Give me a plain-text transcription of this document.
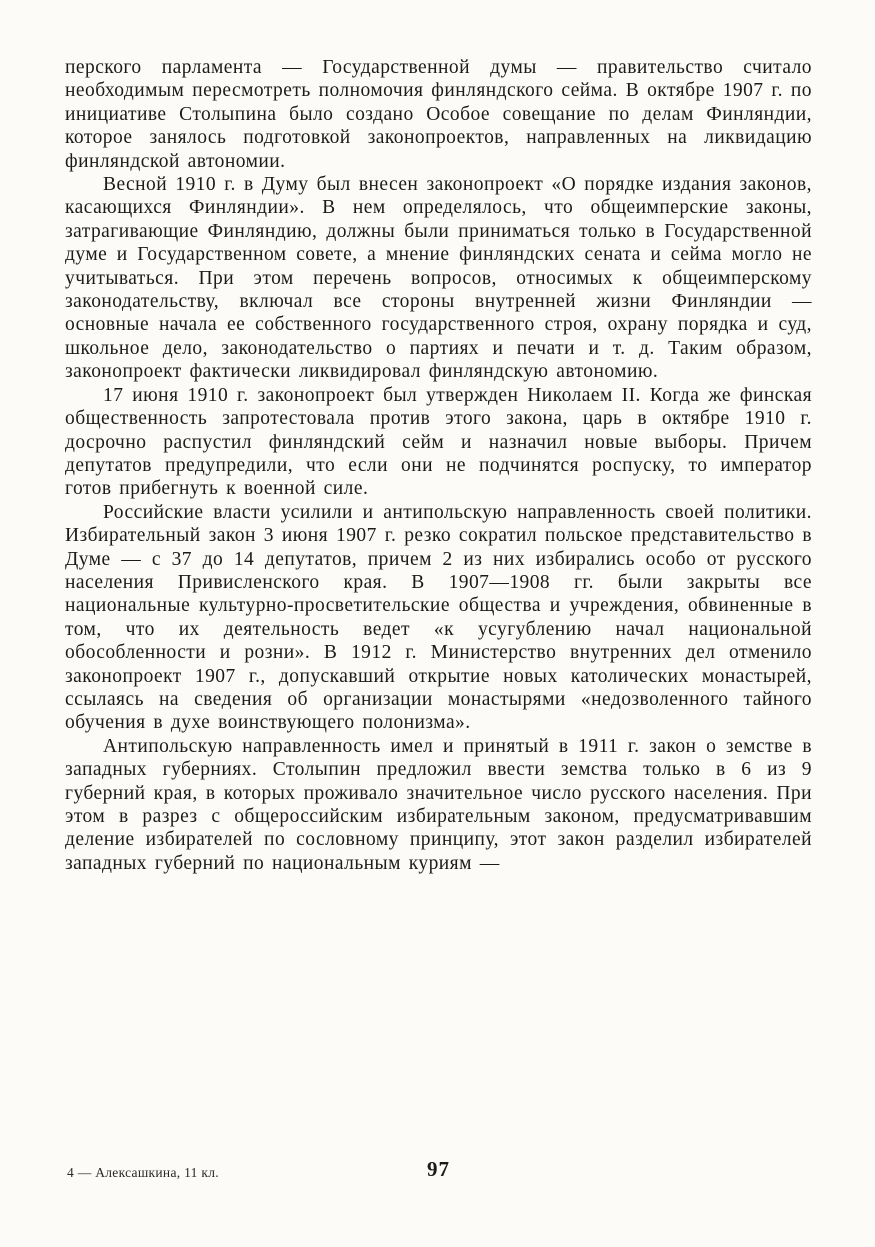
перского парламента — Государственной думы — правительство считало необходимым пересмотреть полномочия финляндского сейма. В октябре 1907 г. по инициативе Столыпина было создано Особое совещание по делам Финляндии, которое занялось подготовкой законопроектов, направленных на ликвидацию финляндской автономии.

Весной 1910 г. в Думу был внесен законопроект «О порядке издания законов, касающихся Финляндии». В нем определялось, что общеимперские законы, затрагивающие Финляндию, должны были приниматься только в Государственной думе и Государственном совете, а мнение финляндских сената и сейма могло не учитываться. При этом перечень вопросов, относимых к общеимперскому законодательству, включал все стороны внутренней жизни Финляндии — основные начала ее собственного государственного строя, охрану порядка и суд, школьное дело, законодательство о партиях и печати и т. д. Таким образом, законопроект фактически ликвидировал финляндскую автономию.

17 июня 1910 г. законопроект был утвержден Николаем II. Когда же финская общественность запротестовала против этого закона, царь в октябре 1910 г. досрочно распустил финляндский сейм и назначил новые выборы. Причем депутатов предупредили, что если они не подчинятся роспуску, то император готов прибегнуть к военной силе.

Российские власти усилили и антипольскую направленность своей политики. Избирательный закон 3 июня 1907 г. резко сократил польское представительство в Думе — с 37 до 14 депутатов, причем 2 из них избирались особо от русского населения Привисленского края. В 1907—1908 гг. были закрыты все национальные культурно-просветительские общества и учреждения, обвиненные в том, что их деятельность ведет «к усугублению начал национальной обособленности и розни». В 1912 г. Министерство внутренних дел отменило законопроект 1907 г., допускавший открытие новых католических монастырей, ссылаясь на сведения об организации монастырями «недозволенного тайного обучения в духе воинствующего полонизма».

Антипольскую направленность имел и принятый в 1911 г. закон о земстве в западных губерниях. Столыпин предложил ввести земства только в 6 из 9 губерний края, в которых проживало значительное число русского населения. При этом в разрез с общероссийским избирательным законом, предусматривавшим деление избирателей по сословному принципу, этот закон разделил избирателей западных губерний по национальным куриям —

4 — Алексашкина, 11 кл.	97
